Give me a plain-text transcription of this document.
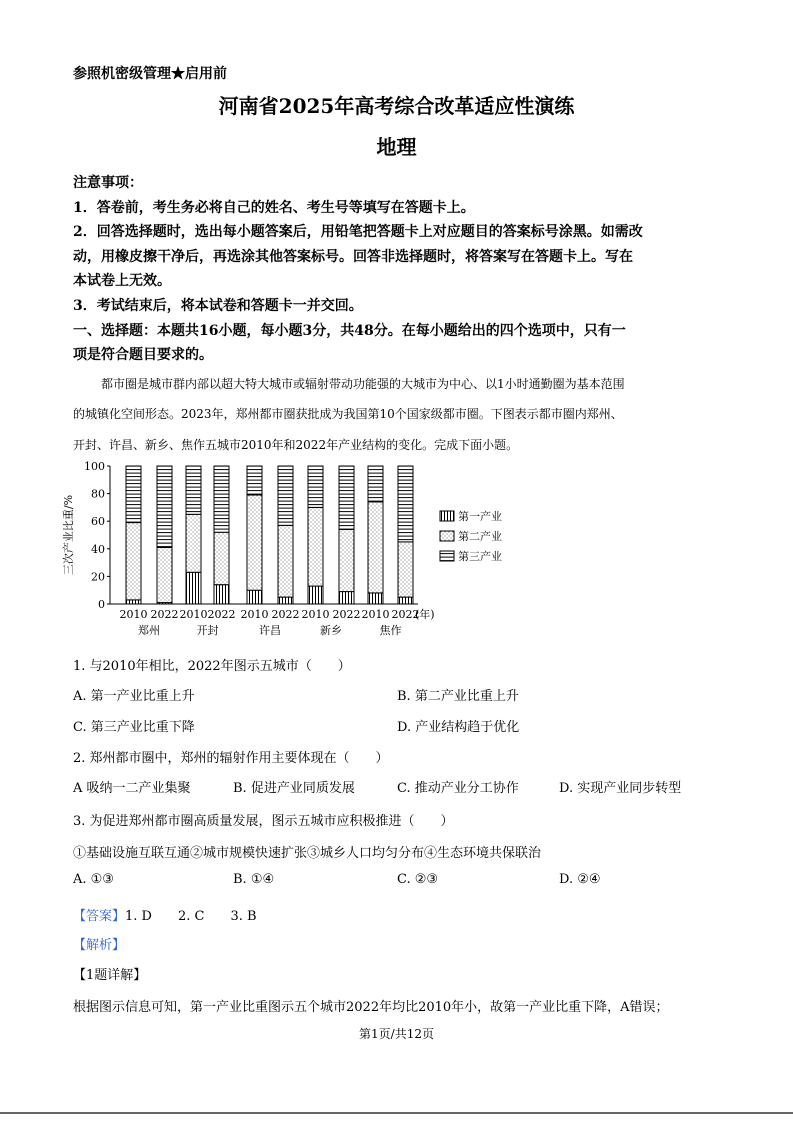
参照机密级管理★启用前
河南省2025年高考综合改革适应性演练
地理
注意事项：
1．答卷前，考生务必将自己的姓名、考生号等填写在答题卡上。
2．回答选择题时，选出每小题答案后，用铅笔把答题卡上对应题目的答案标号涂黑。如需改
动，用橡皮擦干净后，再选涂其他答案标号。回答非选择题时，将答案写在答题卡上。写在
本试卷上无效。
3．考试结束后，将本试卷和答题卡一并交回。
一、选择题：本题共16小题，每小题3分，共48分。在每小题给出的四个选项中，只有一
项是符合题目要求的。
都市圈是城市群内部以超大特大城市或辐射带动功能强的大城市为中心、以1小时通勤圈为基本范围
的城镇化空间形态。2023年，郑州都市圈获批成为我国第10个国家级都市圈。下图表示都市圈内郑州、
开封、许昌、新乡、焦作五城市2010年和2022年产业结构的变化。完成下面小题。
0
20
40
60
80
100
三次产业比重/%
2010 2022 2010 2022 2010 2022 2010 2022 2010 2022
(年)
郑州	开封	许昌	新乡	焦作
第一产业
第二产业
第三产业
1. 与2010年相比，2022年图示五城市（　　）
A. 第一产业比重上升	B. 第二产业比重上升
C. 第三产业比重下降	D. 产业结构趋于优化
2. 郑州都市圈中，郑州的辐射作用主要体现在（　　）
A 吸纳一二产业集聚	B. 促进产业同质发展	C. 推动产业分工协作	D. 实现产业同步转型
3. 为促进郑州都市圈高质量发展，图示五城市应积极推进（　　）
①基础设施互联互通②城市规模快速扩张③城乡人口均匀分布④生态环境共保联治
A. ①③	B. ①④	C. ②③	D. ②④
【答案】1. D　　2. C　　3. B
【解析】
【1题详解】
根据图示信息可知，第一产业比重图示五个城市2022年均比2010年小，故第一产业比重下降，A错误；
第1页/共12页
